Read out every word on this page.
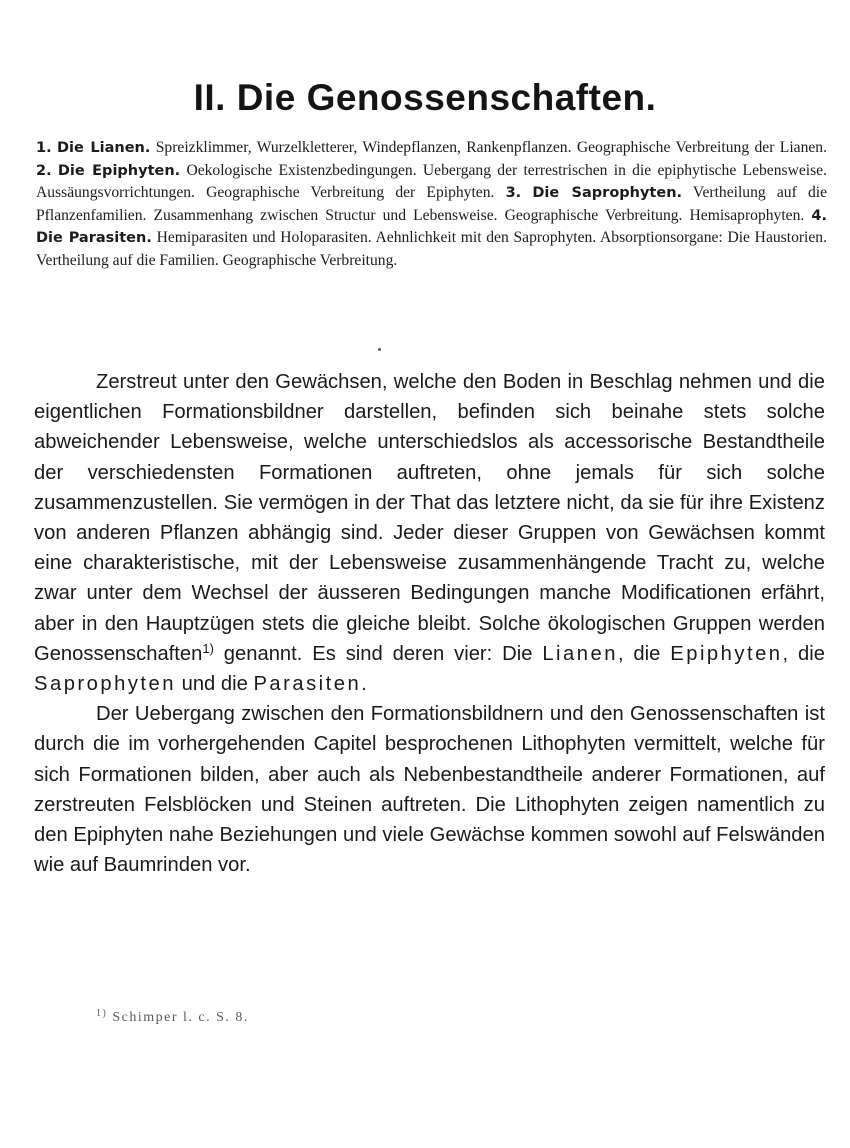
II. Die Genossenschaften.
1. Die Lianen. Spreizklimmer, Wurzelkletterer, Windepflanzen, Rankenpflanzen. Geographische Verbreitung der Lianen. 2. Die Epiphyten. Oekologische Existenzbedingungen. Uebergang der terrestrischen in die epiphytische Lebensweise. Aussäungsvorrichtungen. Geographische Verbreitung der Epiphyten. 3. Die Saprophyten. Vertheilung auf die Pflanzenfamilien. Zusammenhang zwischen Structur und Lebensweise. Geographische Verbreitung. Hemisaprophyten. 4. Die Parasiten. Hemiparasiten und Holoparasiten. Aehnlichkeit mit den Saprophyten. Absorptionsorgane: Die Haustorien. Vertheilung auf die Familien. Geographische Verbreitung.

Zerstreut unter den Gewächsen, welche den Boden in Beschlag nehmen und die eigentlichen Formationsbildner darstellen, befinden sich beinahe stets solche abweichender Lebensweise, welche unterschiedslos als accessorische Bestandtheile der verschiedensten Formationen auftreten, ohne jemals für sich solche zusammenzustellen. Sie vermögen in der That das letztere nicht, da sie für ihre Existenz von anderen Pflanzen abhängig sind. Jeder dieser Gruppen von Gewächsen kommt eine charakteristische, mit der Lebensweise zusammenhängende Tracht zu, welche zwar unter dem Wechsel der äusseren Bedingungen manche Modificationen erfährt, aber in den Hauptzügen stets die gleiche bleibt. Solche ökologischen Gruppen werden Genossenschaften$^{1)}$ genannt. Es sind deren vier: Die Lianen, die Epiphyten, die Saprophyten und die Parasiten.

Der Uebergang zwischen den Formationsbildnern und den Genossenschaften ist durch die im vorhergehenden Capitel besprochenen Lithophyten vermittelt, welche für sich Formationen bilden, aber auch als Nebenbestandtheile anderer Formationen, auf zerstreuten Felsblöcken und Steinen auftreten. Die Lithophyten zeigen namentlich zu den Epiphyten nahe Beziehungen und viele Gewächse kommen sowohl auf Felswänden wie auf Baumrinden vor.

$^{1)}$ Schimper l. c. S. 8.
